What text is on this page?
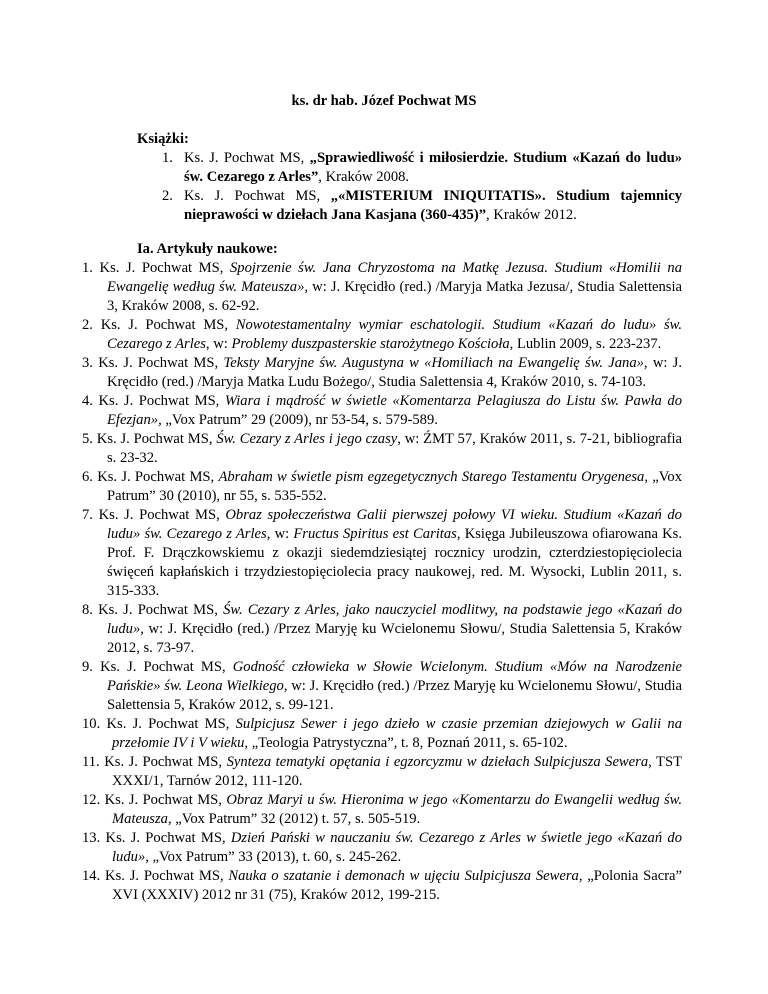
ks. dr hab. Józef Pochwat MS
Książki:
1. Ks. J. Pochwat MS, „Sprawiedliwość i miłosierdzie. Studium «Kazań do ludu» św. Cezarego z Arles”, Kraków 2008.
2. Ks. J. Pochwat MS, „«MISTERIUM INIQUITATIS». Studium tajemnicy nieprawości w dziełach Jana Kasjana (360-435)”, Kraków 2012.
Ia. Artykuły naukowe:
1. Ks. J. Pochwat MS, Spojrzenie św. Jana Chryzostoma na Matkę Jezusa. Studium «Homilii na Ewangelię według św. Mateusza», w: J. Kręcidło (red.) /Maryja Matka Jezusa/, Studia Salettensia 3, Kraków 2008, s. 62-92.
2. Ks. J. Pochwat MS, Nowotestamentalny wymiar eschatologii. Studium «Kazań do ludu» św. Cezarego z Arles, w: Problemy duszpasterskie starożytnego Kościoła, Lublin 2009, s. 223-237.
3. Ks. J. Pochwat MS, Teksty Maryjne św. Augustyna w «Homiliach na Ewangelię św. Jana», w: J. Kręcidło (red.) /Maryja Matka Ludu Bożego/, Studia Salettensia 4, Kraków 2010, s. 74-103.
4. Ks. J. Pochwat MS, Wiara i mądrość w świetle «Komentarza Pelagiusza do Listu św. Pawła do Efezjan», „Vox Patrum” 29 (2009), nr 53-54, s. 579-589.
5. Ks. J. Pochwat MS, Św. Cezary z Arles i jego czasy, w: ŹMT 57, Kraków 2011, s. 7-21, bibliografia s. 23-32.
6. Ks. J. Pochwat MS, Abraham w świetle pism egzegetycznych Starego Testamentu Orygenesa, „Vox Patrum” 30 (2010), nr 55, s. 535-552.
7. Ks. J. Pochwat MS, Obraz społeczeństwa Galii pierwszej połowy VI wieku. Studium «Kazań do ludu» św. Cezarego z Arles, w: Fructus Spiritus est Caritas, Księga Jubileuszowa ofiarowana Ks. Prof. F. Drączkowskiemu z okazji siedemdziesiątej rocznicy urodzin, czterdziestopięciolecia święceń kapłańskich i trzydziestopięciolecia pracy naukowej, red. M. Wysocki, Lublin 2011, s. 315-333.
8. Ks. J. Pochwat MS, Św. Cezary z Arles, jako nauczyciel modlitwy, na podstawie jego «Kazań do ludu», w: J. Kręcidło (red.) /Przez Maryję ku Wcielonemu Słowu/, Studia Salettensia 5, Kraków 2012, s. 73-97.
9. Ks. J. Pochwat MS, Godność człowieka w Słowie Wcielonym. Studium «Mów na Narodzenie Pańskie» św. Leona Wielkiego, w: J. Kręcidło (red.) /Przez Maryję ku Wcielonemu Słowu/, Studia Salettensia 5, Kraków 2012, s. 99-121.
10. Ks. J. Pochwat MS, Sulpicjusz Sewer i jego dzieło w czasie przemian dziejowych w Galii na przełomie IV i V wieku, „Teologia Patrystyczna”, t. 8, Poznań 2011, s. 65-102.
11. Ks. J. Pochwat MS, Synteza tematyki opętania i egzorcyzmu w dziełach Sulpicjusza Sewera, TST XXXI/1, Tarnów 2012, 111-120.
12. Ks. J. Pochwat MS, Obraz Maryi u św. Hieronima w jego «Komentarzu do Ewangelii według św. Mateusza, „Vox Patrum” 32 (2012) t. 57, s. 505-519.
13. Ks. J. Pochwat MS, Dzień Pański w nauczaniu św. Cezarego z Arles w świetle jego «Kazań do ludu», „Vox Patrum” 33 (2013), t. 60, s. 245-262.
14. Ks. J. Pochwat MS, Nauka o szatanie i demonach w ujęciu Sulpicjusza Sewera, „Polonia Sacra” XVI (XXXIV) 2012 nr 31 (75), Kraków 2012, 199-215.
